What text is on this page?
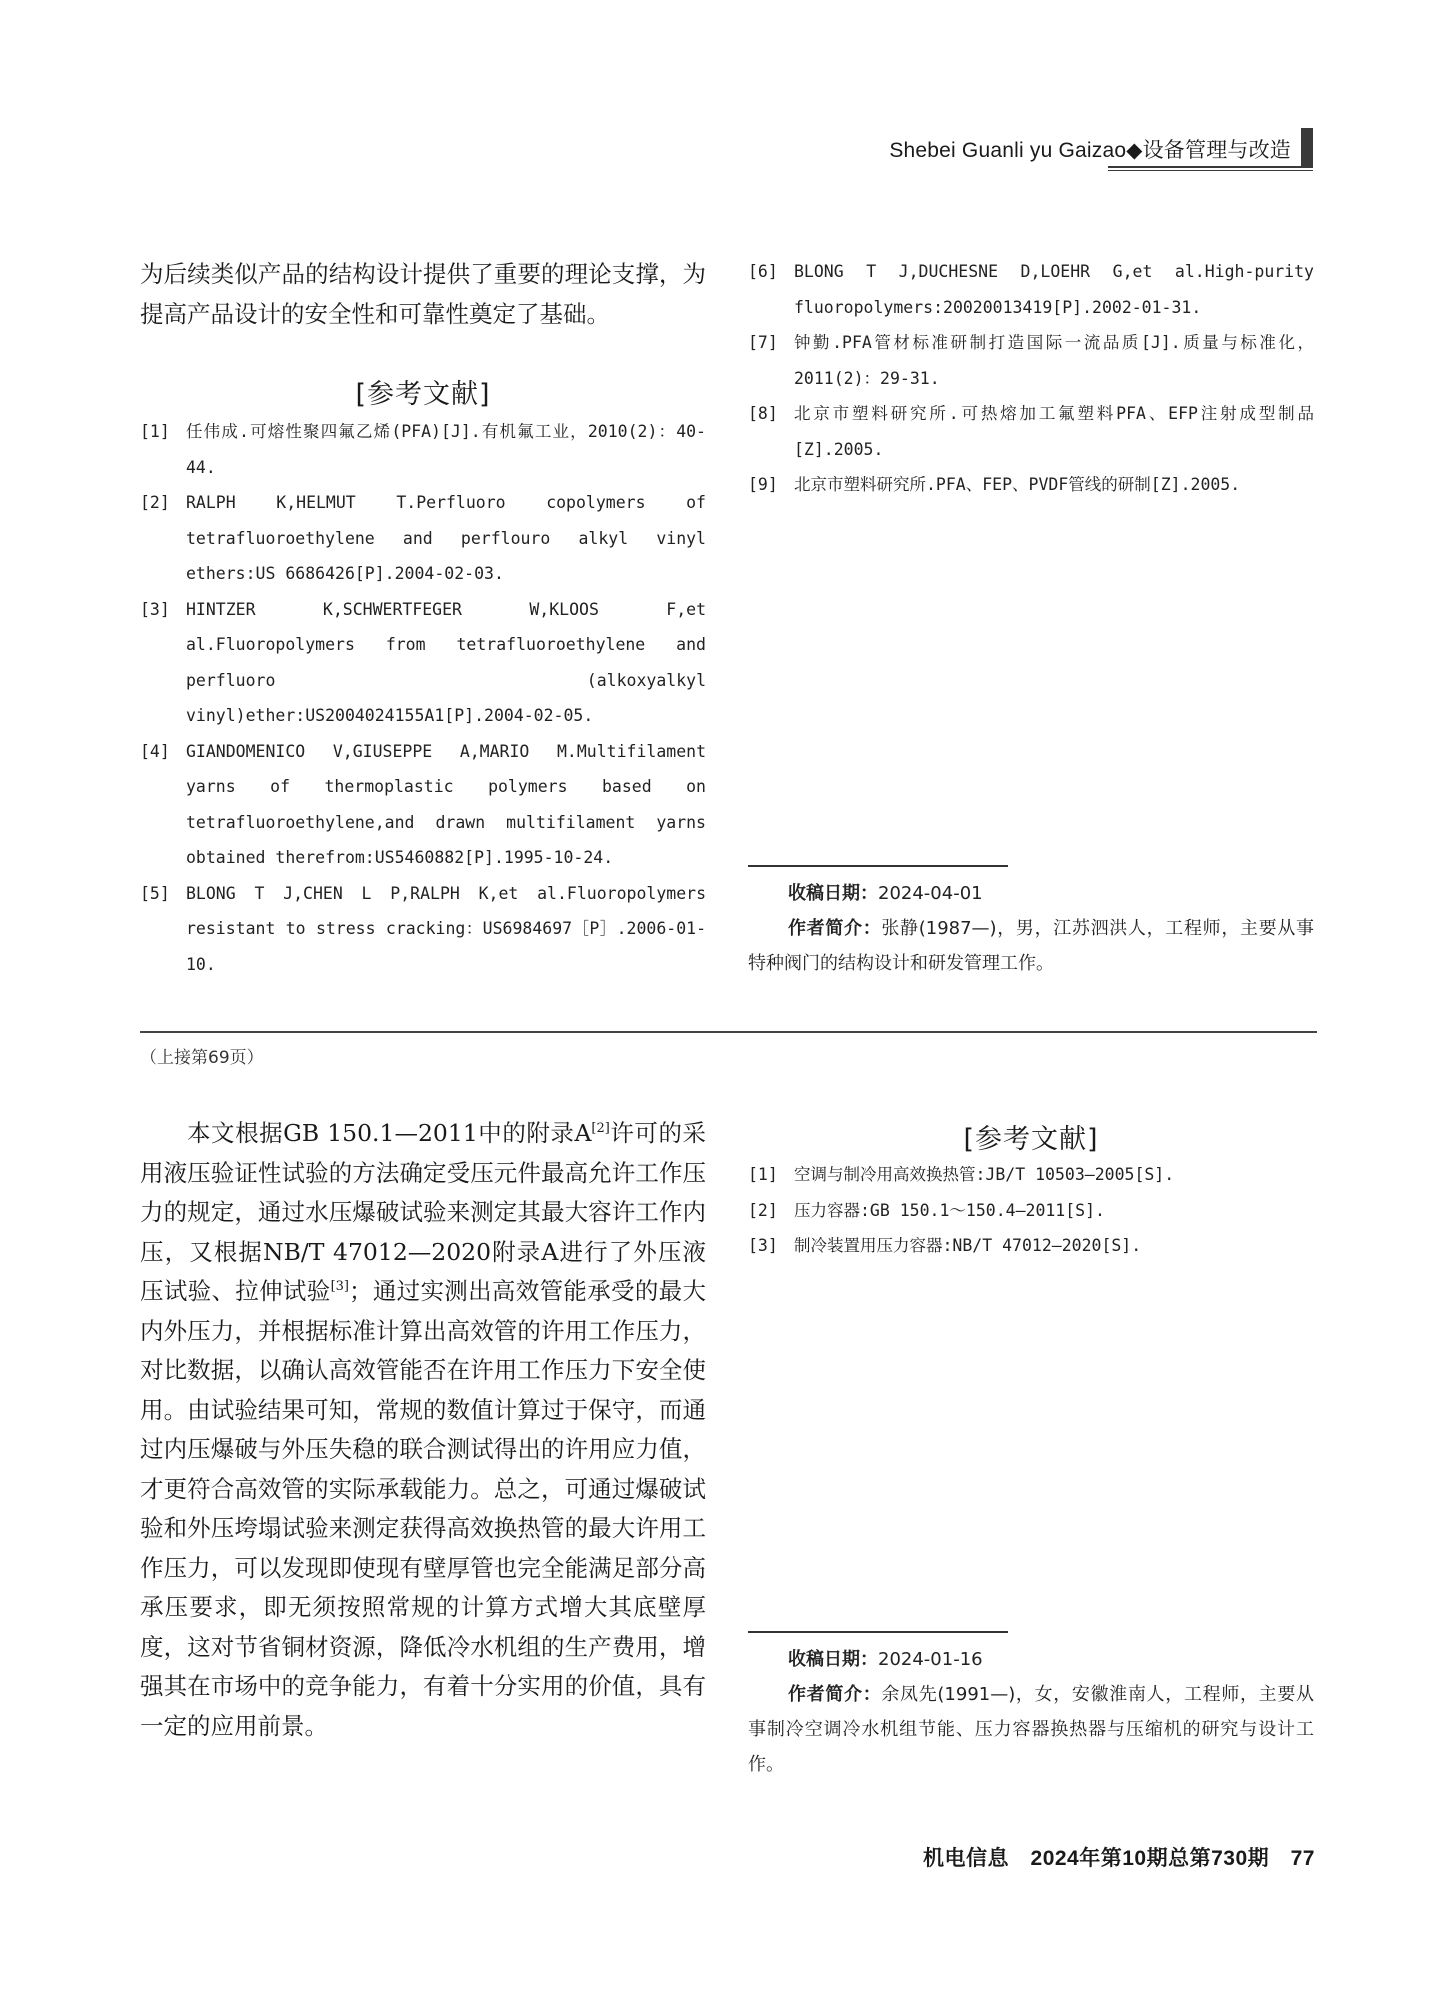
Shebei Guanli yu Gaizao◆设备管理与改造
为后续类似产品的结构设计提供了重要的理论支撑，为提高产品设计的安全性和可靠性奠定了基础。
[参考文献]
[1] 任伟成.可熔性聚四氟乙烯(PFA)[J].有机氟工业，2010(2)：40-44.
[2] RALPH K,HELMUT T.Perfluoro copolymers of tetrafluoroethylene and perflouro alkyl vinyl ethers:US 6686426[P].2004-02-03.
[3] HINTZER K,SCHWERTFEGER W,KLOOS F,et al.Fluoropolymers from tetrafluoroethylene and perfluoro (alkoxyalkyl vinyl)ether:US2004024155A1[P].2004-02-05.
[4] GIANDOMENICO V,GIUSEPPE A,MARIO M.Multifilament yarns of thermoplastic polymers based on tetrafluoroethylene,and drawn multifilament yarns obtained therefrom:US5460882[P].1995-10-24.
[5] BLONG T J,CHEN L P,RALPH K,et al.Fluoropolymers resistant to stress cracking：US6984697［P］.2006-01-10.
[6] BLONG T J,DUCHESNE D,LOEHR G,et al.High-purity fluoropolymers:20020013419[P].2002-01-31.
[7] 钟勤.PFA管材标准研制打造国际一流品质[J].质量与标准化，2011(2)：29-31.
[8] 北京市塑料研究所.可热熔加工氟塑料PFA、EFP注射成型制品[Z].2005.
[9] 北京市塑料研究所.PFA、FEP、PVDF管线的研制[Z].2005.
收稿日期：2024-04-01
作者简介：张静(1987—)，男，江苏泗洪人，工程师，主要从事特种阀门的结构设计和研发管理工作。
（上接第69页）
本文根据GB 150.1—2011中的附录A[2]许可的采用液压验证性试验的方法确定受压元件最高允许工作压力的规定，通过水压爆破试验来测定其最大容许工作内压，又根据NB/T 47012—2020附录A进行了外压液压试验、拉伸试验[3]；通过实测出高效管能承受的最大内外压力，并根据标准计算出高效管的许用工作压力，对比数据，以确认高效管能否在许用工作压力下安全使用。由试验结果可知，常规的数值计算过于保守，而通过内压爆破与外压失稳的联合测试得出的许用应力值，才更符合高效管的实际承载能力。总之，可通过爆破试验和外压垮塌试验来测定获得高效换热管的最大许用工作压力，可以发现即使现有壁厚管也完全能满足部分高承压要求，即无须按照常规的计算方式增大其底壁厚度，这对节省铜材资源，降低冷水机组的生产费用，增强其在市场中的竞争能力，有着十分实用的价值，具有一定的应用前景。
[参考文献]
[1] 空调与制冷用高效换热管:JB/T 10503—2005[S].
[2] 压力容器:GB 150.1～150.4—2011[S].
[3] 制冷装置用压力容器:NB/T 47012—2020[S].
收稿日期：2024-01-16
作者简介：余凤先(1991—)，女，安徽淮南人，工程师，主要从事制冷空调冷水机组节能、压力容器换热器与压缩机的研究与设计工作。
机电信息　2024年第10期总第730期　77
